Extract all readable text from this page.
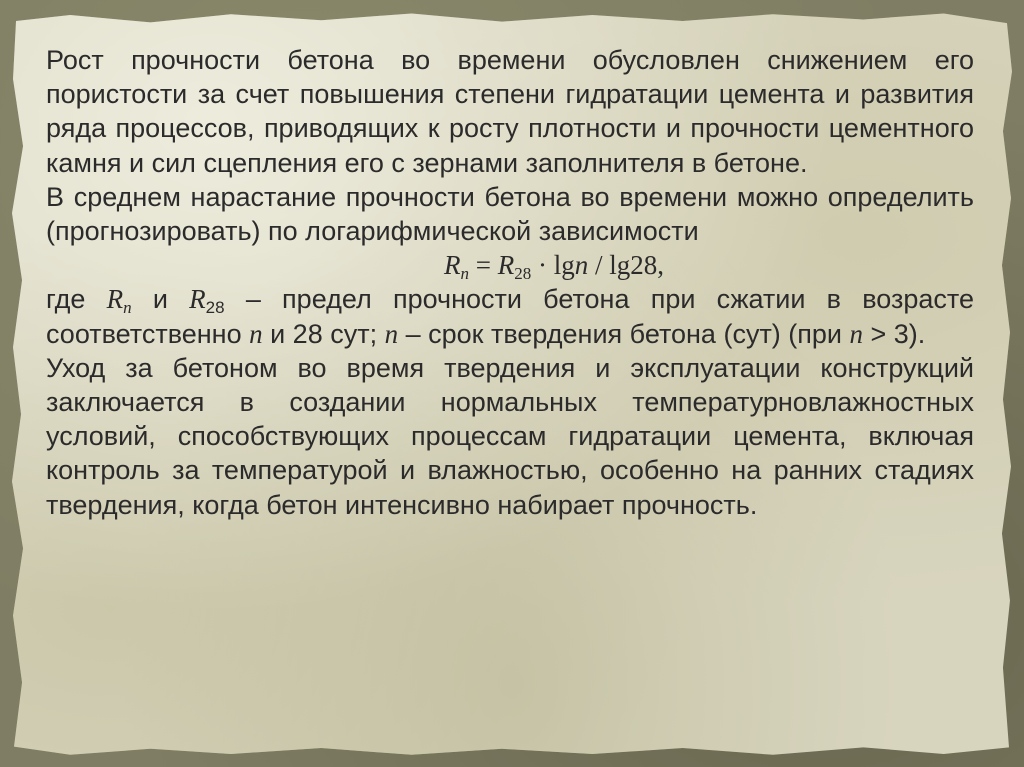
Рост прочности бетона во времени обусловлен снижением его пористости за счет повышения степени гидратации цемента и развития ряда процессов, приводящих к росту плотности и прочности цементного камня и сил сцепления его с зернами заполнителя в бетоне.

В среднем нарастание прочности бетона во времени можно определить (прогнозировать) по логарифмической зависимости

$R_n = R_{28} \cdot \lg n / \lg 28$,

где $R_n$ и $R_{28}$ – предел прочности бетона при сжатии в возрасте соответственно n и 28 сут; n – срок твердения бетона (сут) (при n > 3).

Уход за бетоном во время твердения и эксплуатации конструкций заключается в создании нормальных температурновлажностных условий, способствующих процессам гидратации цемента, включая контроль за температурой и влажностью, особенно на ранних стадиях твердения, когда бетон интенсивно набирает прочность.
